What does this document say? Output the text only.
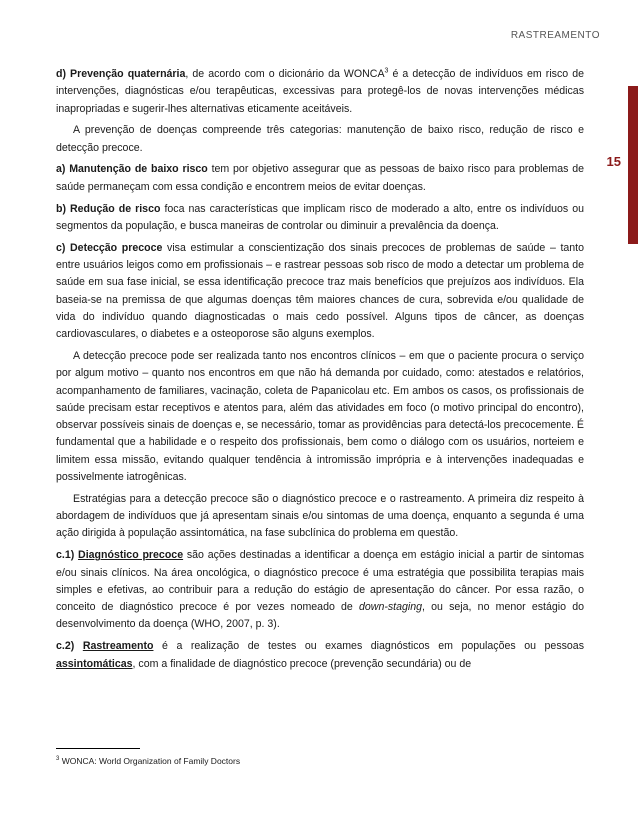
RASTREAMENTO
15

d) Prevenção quaternária, de acordo com o dicionário da WONCA$^3$ é a detecção de indivíduos em risco de intervenções, diagnósticas e/ou terapêuticas, excessivas para protegê-los de novas intervenções médicas inapropriadas e sugerir-lhes alternativas eticamente aceitáveis.

A prevenção de doenças compreende três categorias: manutenção de baixo risco, redução de risco e detecção precoce.

a) Manutenção de baixo risco tem por objetivo assegurar que as pessoas de baixo risco para problemas de saúde permaneçam com essa condição e encontrem meios de evitar doenças.

b) Redução de risco foca nas características que implicam risco de moderado a alto, entre os indivíduos ou segmentos da população, e busca maneiras de controlar ou diminuir a prevalência da doença.

c) Detecção precoce visa estimular a conscientização dos sinais precoces de problemas de saúde – tanto entre usuários leigos como em profissionais – e rastrear pessoas sob risco de modo a detectar um problema de saúde em sua fase inicial, se essa identificação precoce traz mais benefícios que prejuízos aos indivíduos. Ela baseia-se na premissa de que algumas doenças têm maiores chances de cura, sobrevida e/ou qualidade de vida do indivíduo quando diagnosticadas o mais cedo possível. Alguns tipos de câncer, as doenças cardiovasculares, o diabetes e a osteoporose são alguns exemplos.

A detecção precoce pode ser realizada tanto nos encontros clínicos – em que o paciente procura o serviço por algum motivo – quanto nos encontros em que não há demanda por cuidado, como: atestados e relatórios, acompanhamento de familiares, vacinação, coleta de Papanicolau etc. Em ambos os casos, os profissionais de saúde precisam estar receptivos e atentos para, além das atividades em foco (o motivo principal do encontro), observar possíveis sinais de doenças e, se necessário, tomar as providências para detectá-los precocemente. É fundamental que a habilidade e o respeito dos profissionais, bem como o diálogo com os usuários, norteiem e limitem essa missão, evitando qualquer tendência à intromissão imprópria e à intervenções inadequadas e possivelmente iatrogênicas.

Estratégias para a detecção precoce são o diagnóstico precoce e o rastreamento. A primeira diz respeito à abordagem de indivíduos que já apresentam sinais e/ou sintomas de uma doença, enquanto a segunda é uma ação dirigida à população assintomática, na fase subclínica do problema em questão.

c.1) Diagnóstico precoce são ações destinadas a identificar a doença em estágio inicial a partir de sintomas e/ou sinais clínicos. Na área oncológica, o diagnóstico precoce é uma estratégia que possibilita terapias mais simples e efetivas, ao contribuir para a redução do estágio de apresentação do câncer. Por essa razão, o conceito de diagnóstico precoce é por vezes nomeado de down-staging, ou seja, no menor estágio do desenvolvimento da doença (WHO, 2007, p. 3).

c.2) Rastreamento é a realização de testes ou exames diagnósticos em populações ou pessoas assintomáticas, com a finalidade de diagnóstico precoce (prevenção secundária) ou de

$^3$ WONCA: World Organization of Family Doctors
